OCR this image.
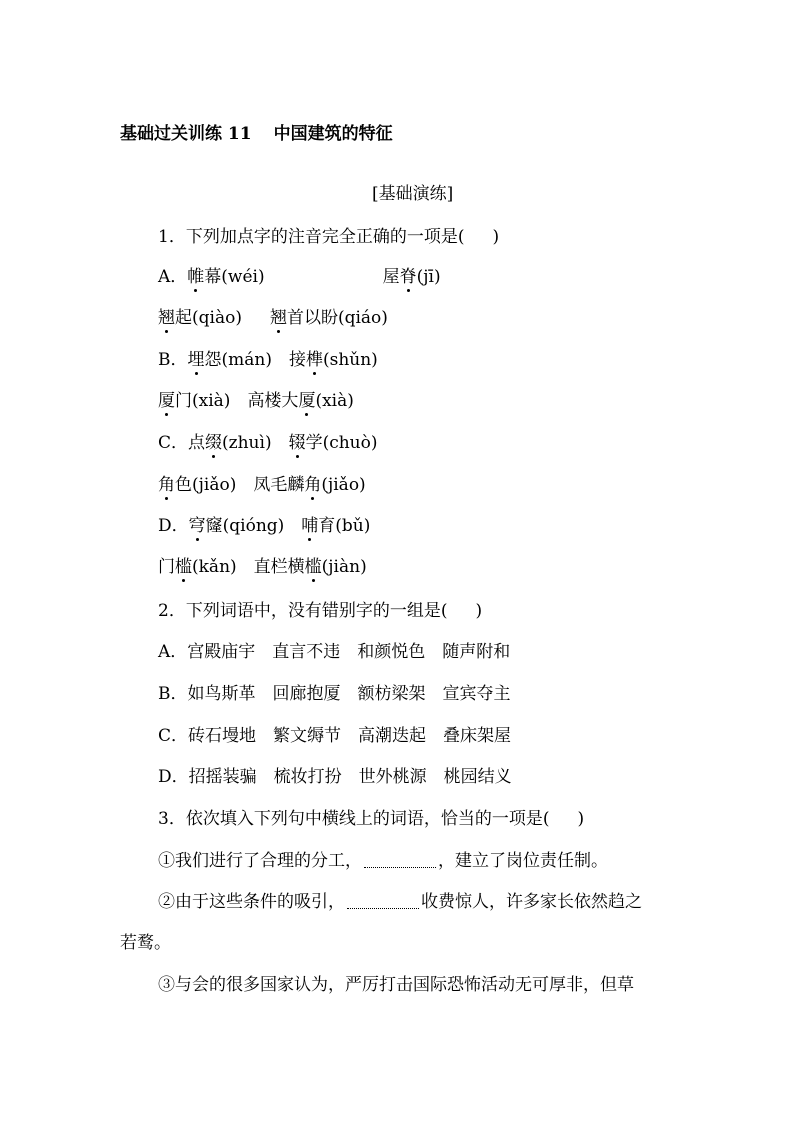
基础过关训练 11 中国建筑的特征
[基础演练]
1．下列加点字的注音完全正确的一项是( )
A．帷幕(wéi)	屋脊(jī)
翘起(qiào) 翘首以盼(qiáo)
B．埋怨(mán) 接榫(shǔn)
厦门(xià) 高楼大厦(xià)
C．点缀(zhuì) 辍学(chuò)
角色(jiǎo) 凤毛麟角(jiǎo)
D．穹窿(qióng) 哺育(bǔ)
门槛(kǎn) 直栏横槛(jiàn)
2．下列词语中，没有错别字的一组是( )
A．宫殿庙宇　直言不违　和颜悦色　随声附和
B．如鸟斯革　回廊抱厦　额枋梁架　宣宾夺主
C．砖石墁地　繁文缛节　高潮迭起　叠床架屋
D．招摇装骗　梳妆打扮　世外桃源　桃园结义
3．依次填入下列句中横线上的词语，恰当的一项是( )
①我们进行了合理的分工，	，建立了岗位责任制。
②由于这些条件的吸引，	收费惊人，许多家长依然趋之
若鹜。
③与会的很多国家认为，严厉打击国际恐怖活动无可厚非，但草
